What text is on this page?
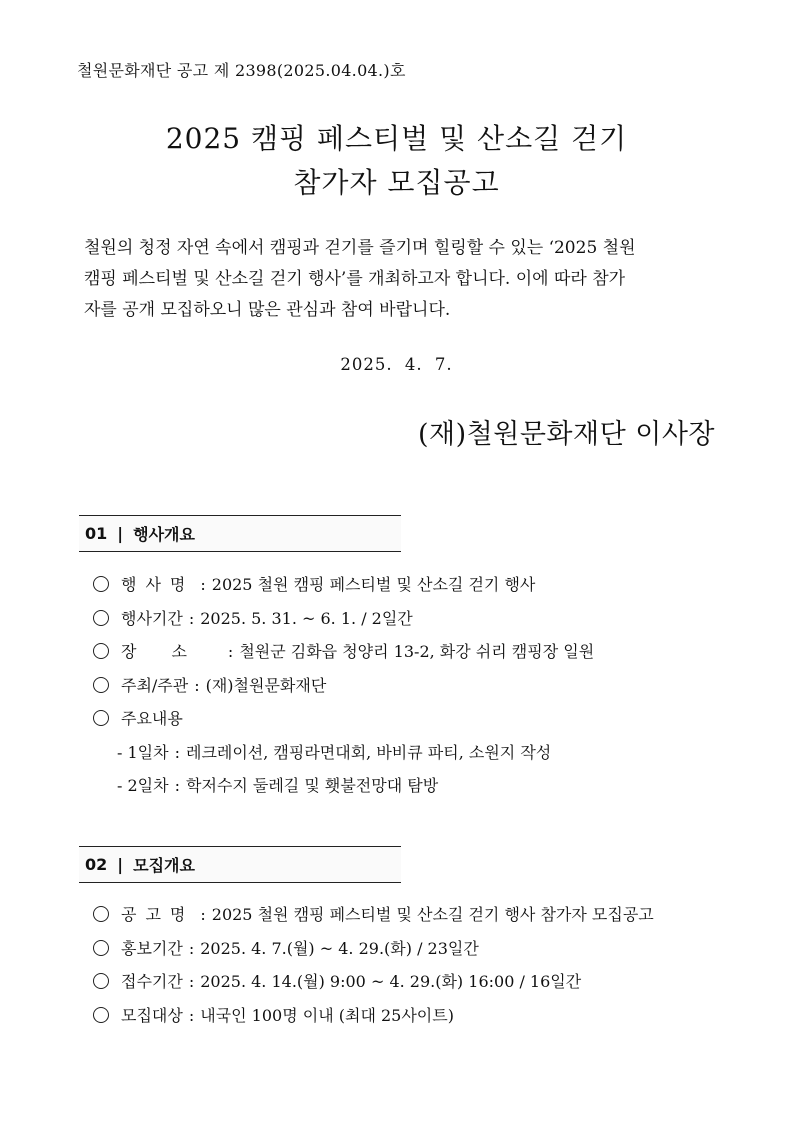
철원문화재단 공고 제 2398(2025.04.04.)호
2025 캠핑 페스티벌 및 산소길 걷기
참가자 모집공고
철원의 청정 자연 속에서 캠핑과 걷기를 즐기며 힐링할 수 있는 ‘2025 철원
캠핑 페스티벌 및 산소길 걷기 행사’를 개최하고자 합니다. 이에 따라 참가
자를 공개 모집하오니 많은 관심과 참여 바랍니다.
2025. 4. 7.
(재)철원문화재단 이사장
01 | 행사개요
행사명 : 2025 철원 캠핑 페스티벌 및 산소길 걷기 행사
행사기간 : 2025. 5. 31. ~ 6. 1. / 2일간
장소 : 철원군 김화읍 청양리 13-2, 화강 쉬리 캠핑장 일원
주최/주관 : (재)철원문화재단
주요내용
- 1일차 : 레크레이션, 캠핑라면대회, 바비큐 파티, 소원지 작성
- 2일차 : 학저수지 둘레길 및 횃불전망대 탐방
02 | 모집개요
공고명 : 2025 철원 캠핑 페스티벌 및 산소길 걷기 행사 참가자 모집공고
홍보기간 : 2025. 4. 7.(월) ~ 4. 29.(화) / 23일간
접수기간 : 2025. 4. 14.(월) 9:00 ~ 4. 29.(화) 16:00 / 16일간
모집대상 : 내국인 100명 이내 (최대 25사이트)
